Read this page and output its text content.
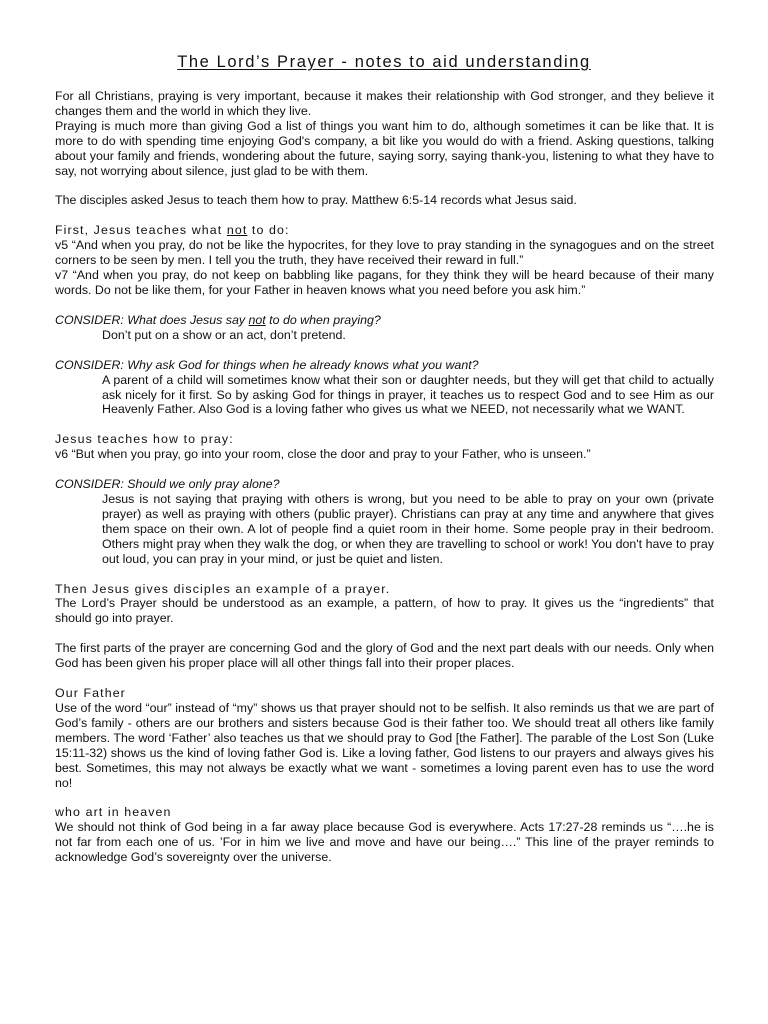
The Lord’s Prayer - notes to aid understanding

For all Christians, praying is very important, because it makes their relationship with God stronger, and they believe it changes them and the world in which they live.

Praying is much more than giving God a list of things you want him to do, although sometimes it can be like that. It is more to do with spending time enjoying God's company, a bit like you would do with a friend. Asking questions, talking about your family and friends, wondering about the future, saying sorry, saying thank-you, listening to what they have to say, not worrying about silence, just glad to be with them.

The disciples asked Jesus to teach them how to pray. Matthew 6:5-14 records what Jesus said.

First, Jesus teaches what not to do:

v5 “And when you pray, do not be like the hypocrites, for they love to pray standing in the synagogues and on the street corners to be seen by men. I tell you the truth, they have received their reward in full.”

v7 “And when you pray, do not keep on babbling like pagans, for they think they will be heard because of their many words. Do not be like them, for your Father in heaven knows what you need before you ask him.”

CONSIDER: What does Jesus say not to do when praying?

Don’t put on a show or an act, don’t pretend.

CONSIDER: Why ask God for things when he already knows what you want?

A parent of a child will sometimes know what their son or daughter needs, but they will get that child to actually ask nicely for it first. So by asking God for things in prayer, it teaches us to respect God and to see Him as our Heavenly Father. Also God is a loving father who gives us what we NEED, not necessarily what we WANT.

Jesus teaches how to pray:

v6 “But when you pray, go into your room, close the door and pray to your Father, who is unseen.”

CONSIDER: Should we only pray alone?

Jesus is not saying that praying with others is wrong, but you need to be able to pray on your own (private prayer) as well as praying with others (public prayer). Christians can pray at any time and anywhere that gives them space on their own. A lot of people find a quiet room in their home. Some people pray in their bedroom. Others might pray when they walk the dog, or when they are travelling to school or work! You don't have to pray out loud, you can pray in your mind, or just be quiet and listen.

Then Jesus gives disciples an example of a prayer.

The Lord’s Prayer should be understood as an example, a pattern, of how to pray. It gives us the “ingredients” that should go into prayer.

The first parts of the prayer are concerning God and the glory of God and the next part deals with our needs. Only when God has been given his proper place will all other things fall into their proper places.

Our Father

Use of the word “our” instead of “my” shows us that prayer should not to be selfish. It also reminds us that we are part of God’s family - others are our brothers and sisters because God is their father too. We should treat all others like family members. The word ‘Father’ also teaches us that we should pray to God [the Father]. The parable of the Lost Son (Luke 15:11-32) shows us the kind of loving father God is. Like a loving father, God listens to our prayers and always gives his best. Sometimes, this may not always be exactly what we want - sometimes a loving parent even has to use the word no!

who art in heaven

We should not think of God being in a far away place because God is everywhere. Acts 17:27-28 reminds us “….he is not far from each one of us. ’For in him we live and move and have our being….” This line of the prayer reminds to acknowledge God’s sovereignty over the universe.
